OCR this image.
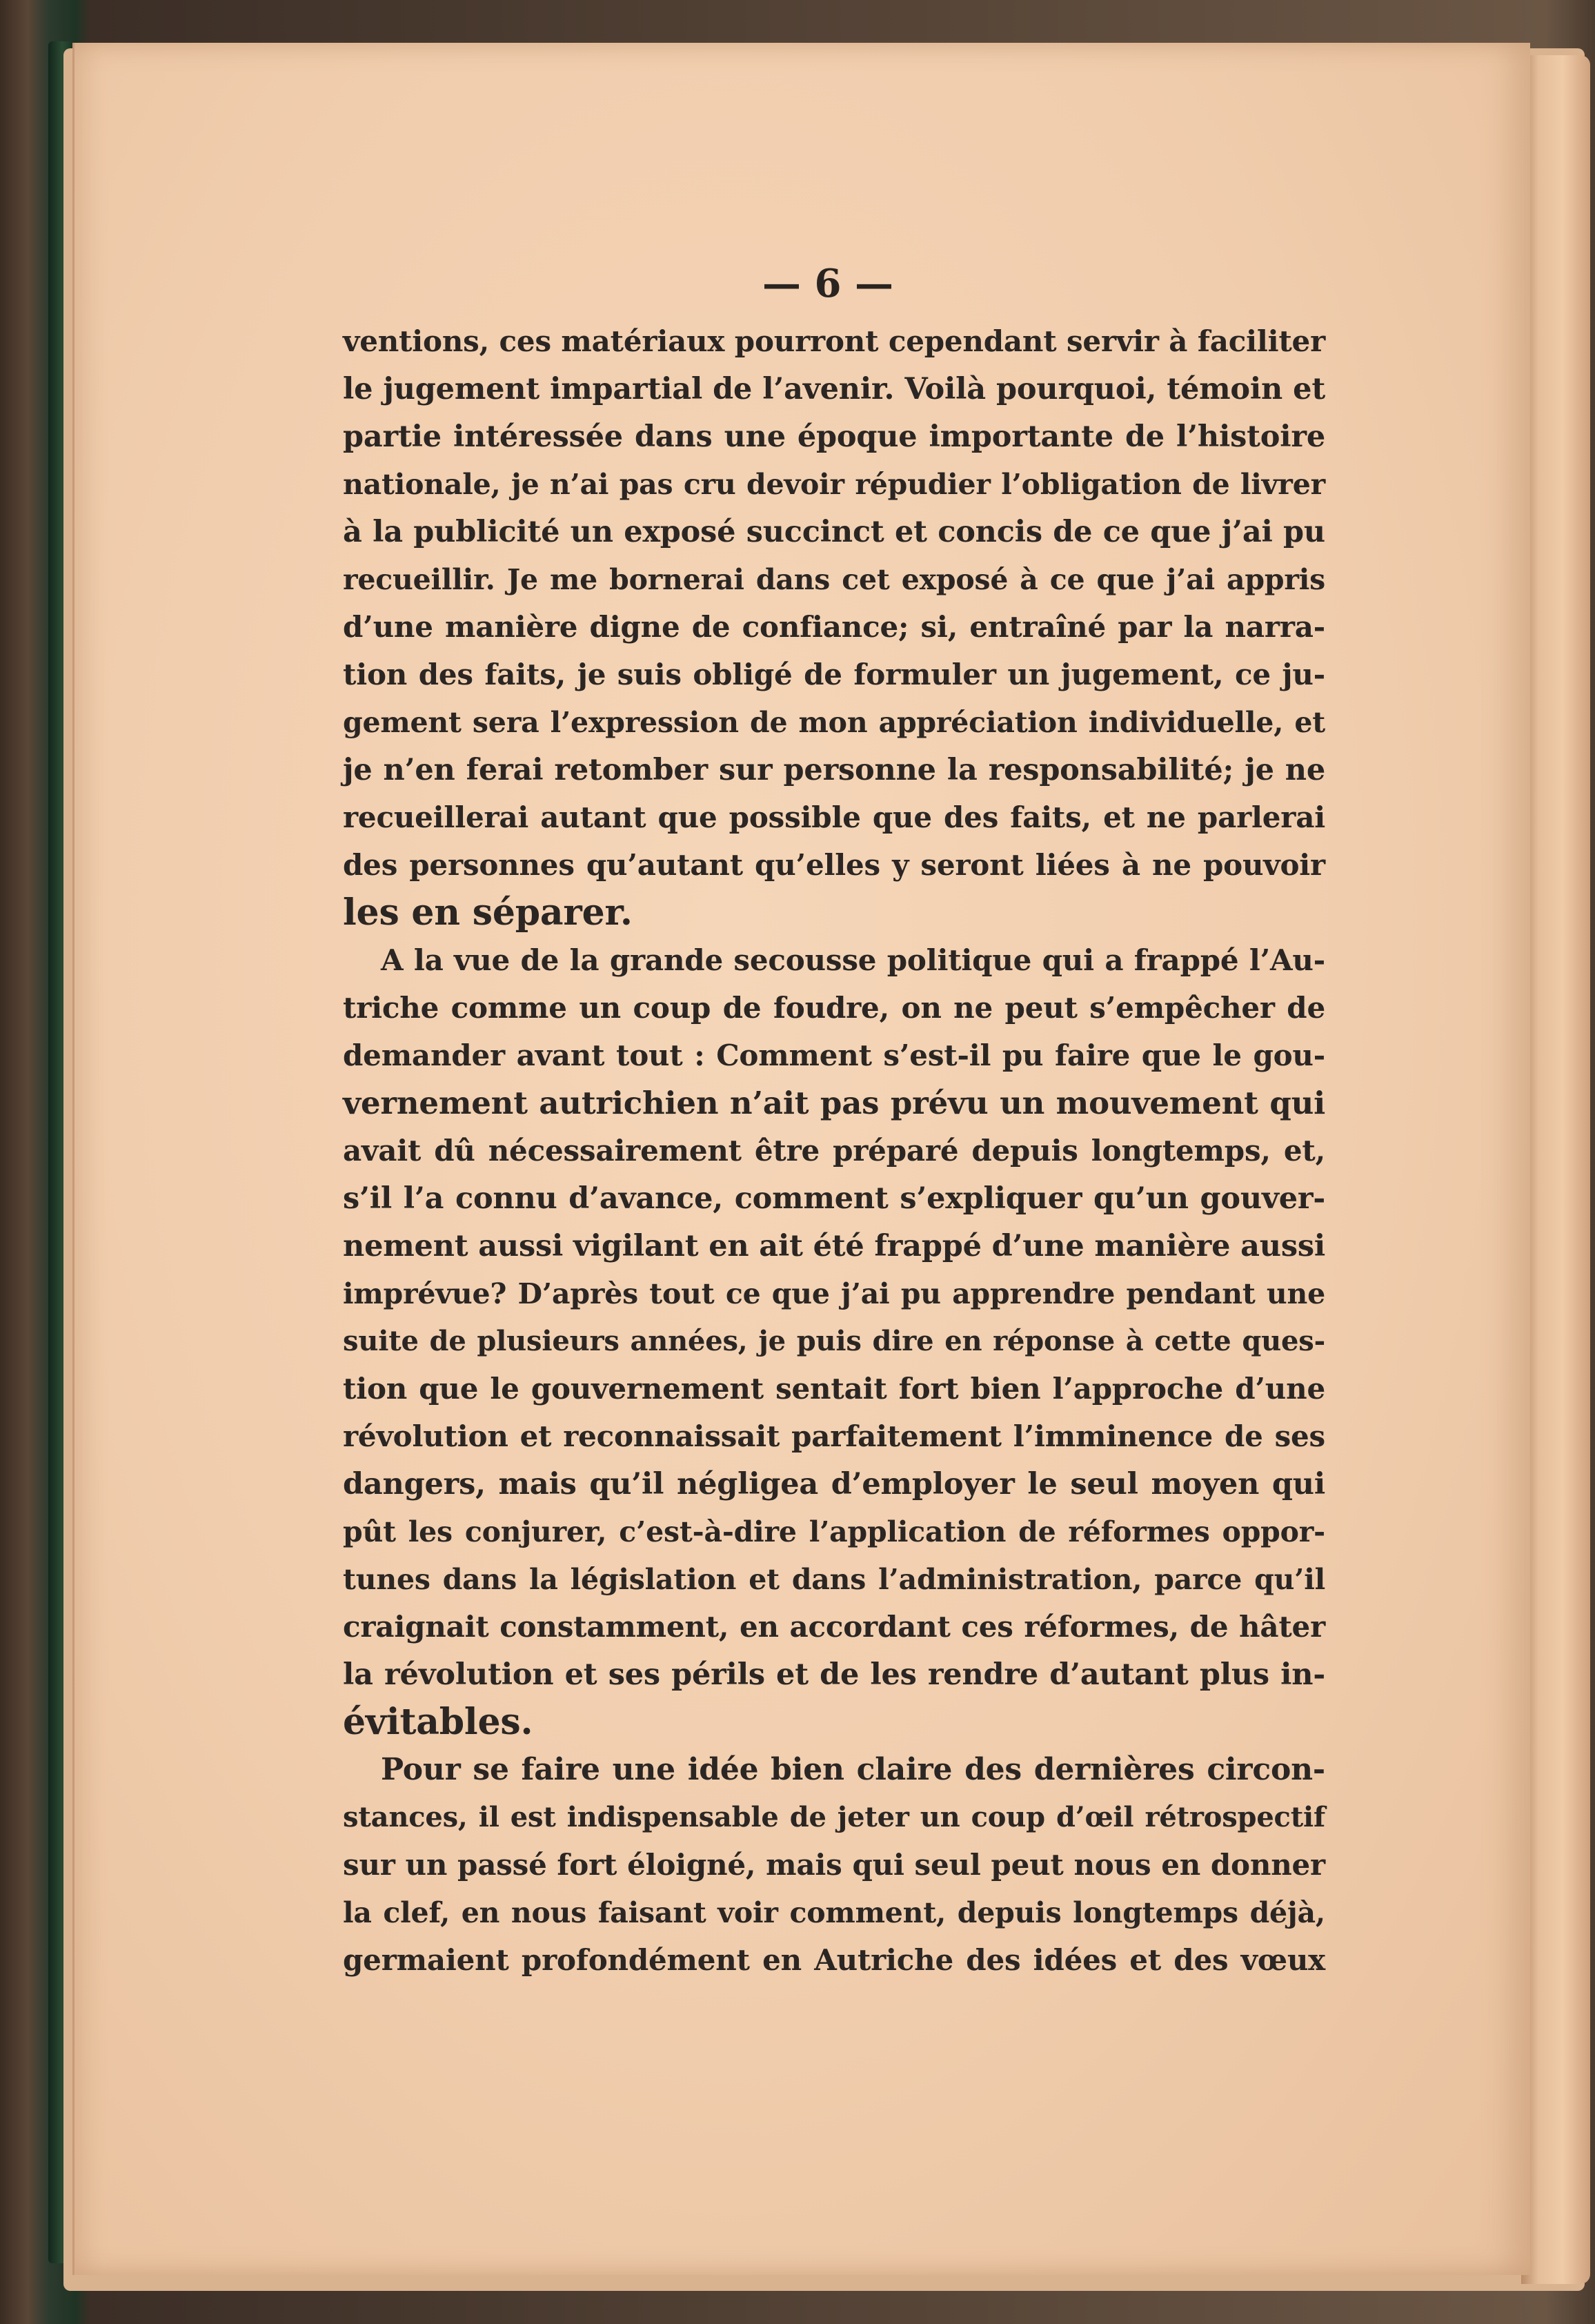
— 6 —
ventions, ces matériaux pourront cependant servir à faciliter
le jugement impartial de l’avenir. Voilà pourquoi, témoin et
partie intéressée dans une époque importante de l’histoire
nationale, je n’ai pas cru devoir répudier l’obligation de livrer
à la publicité un exposé succinct et concis de ce que j’ai pu
recueillir. Je me bornerai dans cet exposé à ce que j’ai appris
d’une manière digne de confiance; si, entraîné par la narra-
tion des faits, je suis obligé de formuler un jugement, ce ju-
gement sera l’expression de mon appréciation individuelle, et
je n’en ferai retomber sur personne la responsabilité; je ne
recueillerai autant que possible que des faits, et ne parlerai
des personnes qu’autant qu’elles y seront liées à ne pouvoir
les en séparer.
A la vue de la grande secousse politique qui a frappé l’Au-
triche comme un coup de foudre, on ne peut s’empêcher de
demander avant tout : Comment s’est-il pu faire que le gou-
vernement autrichien n’ait pas prévu un mouvement qui
avait dû nécessairement être préparé depuis longtemps, et,
s’il l’a connu d’avance, comment s’expliquer qu’un gouver-
nement aussi vigilant en ait été frappé d’une manière aussi
imprévue? D’après tout ce que j’ai pu apprendre pendant une
suite de plusieurs années, je puis dire en réponse à cette ques-
tion que le gouvernement sentait fort bien l’approche d’une
révolution et reconnaissait parfaitement l’imminence de ses
dangers, mais qu’il négligea d’employer le seul moyen qui
pût les conjurer, c’est-à-dire l’application de réformes oppor-
tunes dans la législation et dans l’administration, parce qu’il
craignait constamment, en accordant ces réformes, de hâter
la révolution et ses périls et de les rendre d’autant plus in-
évitables.
Pour se faire une idée bien claire des dernières circon-
stances, il est indispensable de jeter un coup d’œil rétrospectif
sur un passé fort éloigné, mais qui seul peut nous en donner
la clef, en nous faisant voir comment, depuis longtemps déjà,
germaient profondément en Autriche des idées et des vœux
